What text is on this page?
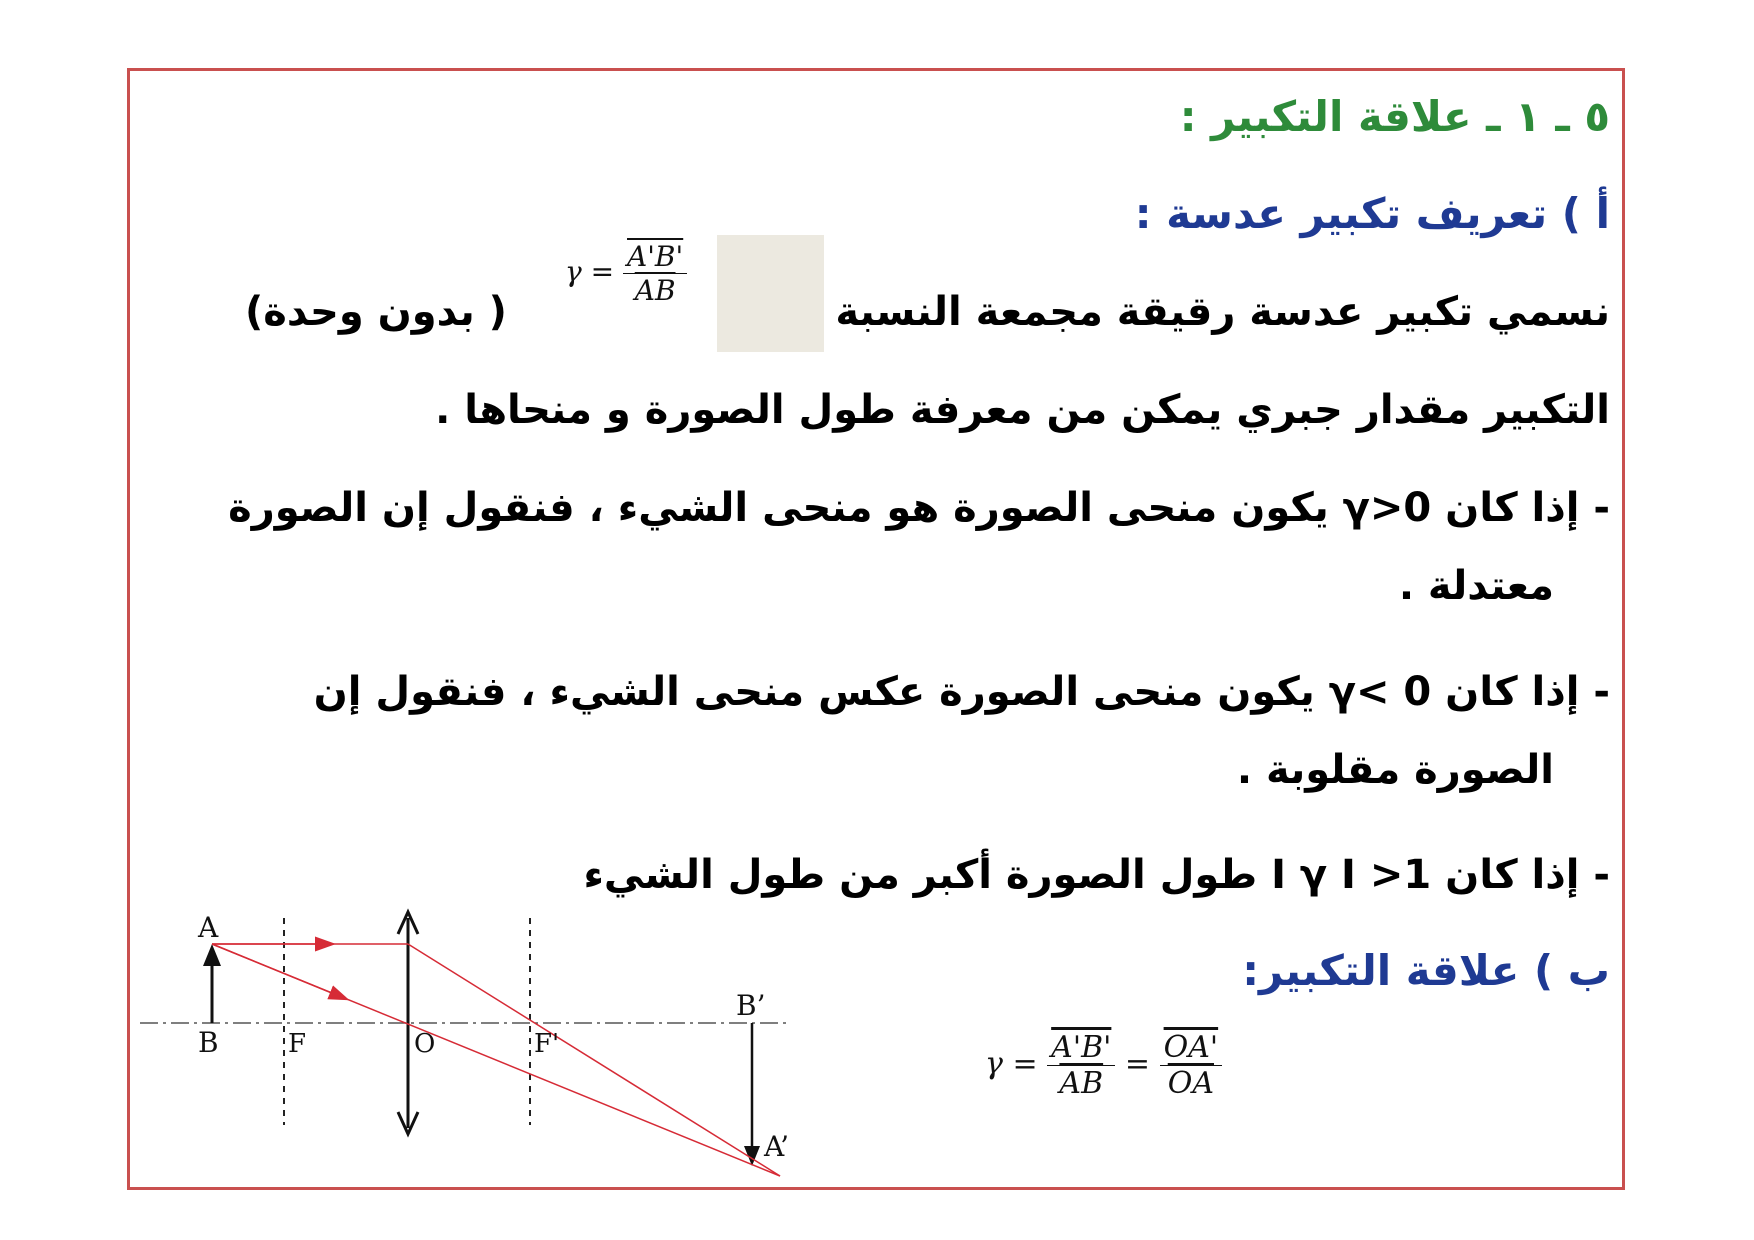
٥ ـ ١ ـ علاقة التكبير :
أ ) تعريف تكبير عدسة :
نسمي تكبير عدسة رقيقة مجمعة النسبة
$\gamma = \frac{A'B'}{AB}$
( بدون وحدة)
التكبير مقدار جبري يمكن من معرفة طول الصورة و منحاها .
- إذا كان γ>0 يكون منحى الصورة هو منحى الشيء ، فنقول إن الصورة
معتدلة .
- إذا كان 0 >γ يكون منحى الصورة عكس منحى الشيء ، فنقول إن
الصورة مقلوبة .
- إذا كان 1< I γ I طول الصورة أكبر من طول الشيء
ب ) علاقة التكبير:
$\gamma = \frac{A'B'}{AB} = \frac{OA'}{OA}$
A
B	F	O	F'
B’
A’
